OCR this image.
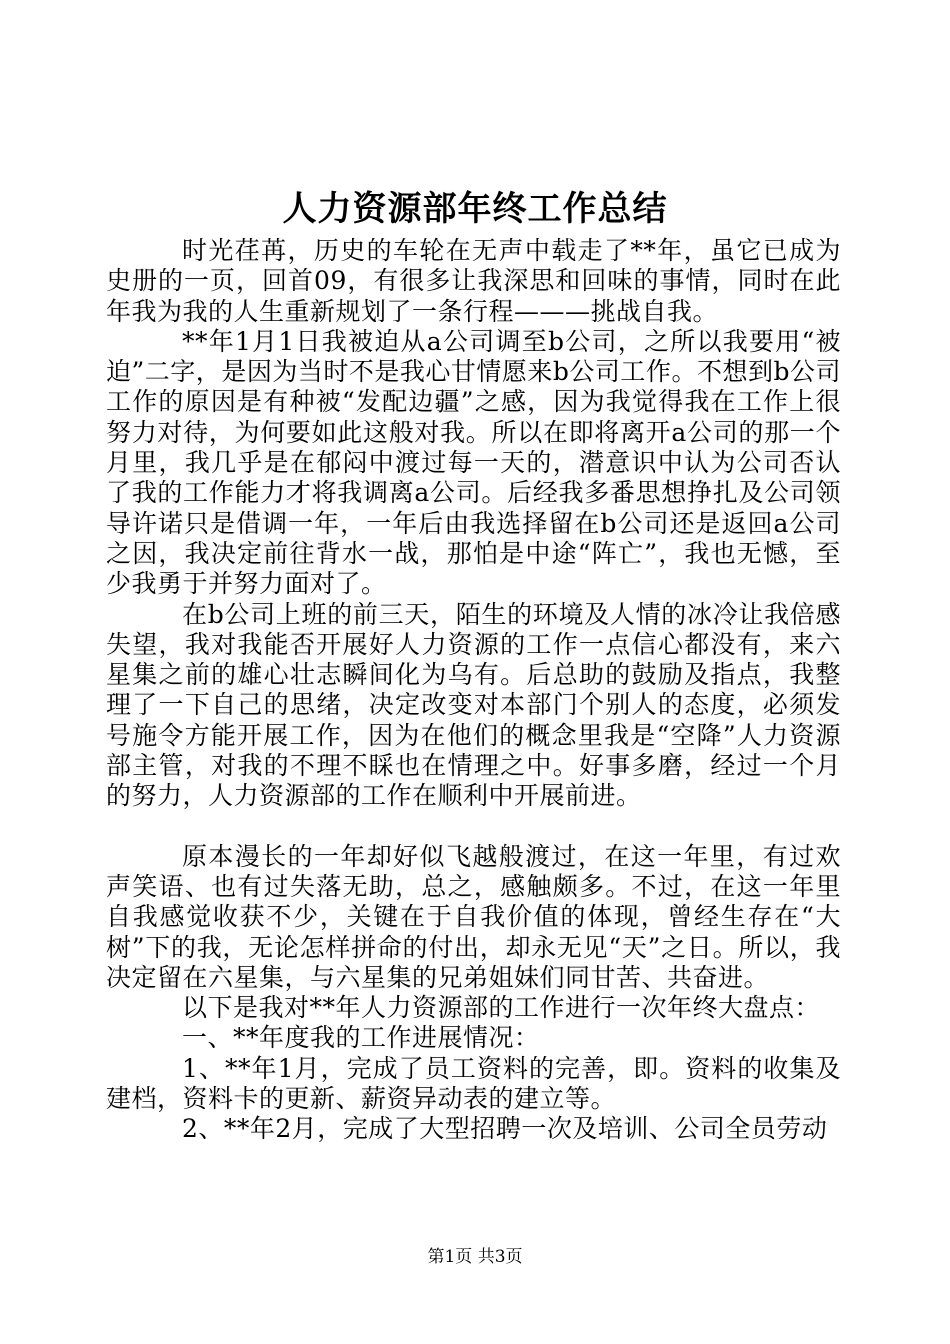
人力资源部年终工作总结

时光荏苒，历史的车轮在无声中载走了**年，虽它已成为史册的一页，回首09，有很多让我深思和回味的事情，同时在此年我为我的人生重新规划了一条行程———挑战自我。

**年1月1日我被迫从a公司调至b公司，之所以我要用“被迫”二字，是因为当时不是我心甘情愿来b公司工作。不想到b公司工作的原因是有种被“发配边疆”之感，因为我觉得我在工作上很努力对待，为何要如此这般对我。所以在即将离开a公司的那一个月里，我几乎是在郁闷中渡过每一天的，潜意识中认为公司否认了我的工作能力才将我调离a公司。后经我多番思想挣扎及公司领导许诺只是借调一年，一年后由我选择留在b公司还是返回a公司之因，我决定前往背水一战，那怕是中途“阵亡”，我也无憾，至少我勇于并努力面对了。

在b公司上班的前三天，陌生的环境及人情的冰冷让我倍感失望，我对我能否开展好人力资源的工作一点信心都没有，来六星集之前的雄心壮志瞬间化为乌有。后总助的鼓励及指点，我整理了一下自己的思绪，决定改变对本部门个别人的态度，必须发号施令方能开展工作，因为在他们的概念里我是“空降”人力资源部主管，对我的不理不睬也在情理之中。好事多磨，经过一个月的努力，人力资源部的工作在顺利中开展前进。

原本漫长的一年却好似飞越般渡过，在这一年里，有过欢声笑语、也有过失落无助，总之，感触颇多。不过，在这一年里自我感觉收获不少，关键在于自我价值的体现，曾经生存在“大树”下的我，无论怎样拼命的付出，却永无见“天”之日。所以，我决定留在六星集，与六星集的兄弟姐妹们同甘苦、共奋进。

以下是我对**年人力资源部的工作进行一次年终大盘点：

一、**年度我的工作进展情况：

1、**年1月，完成了员工资料的完善，即。资料的收集及建档，资料卡的更新、薪资异动表的建立等。

2、**年2月，完成了大型招聘一次及培训、公司全员劳动

第1页 共3页
